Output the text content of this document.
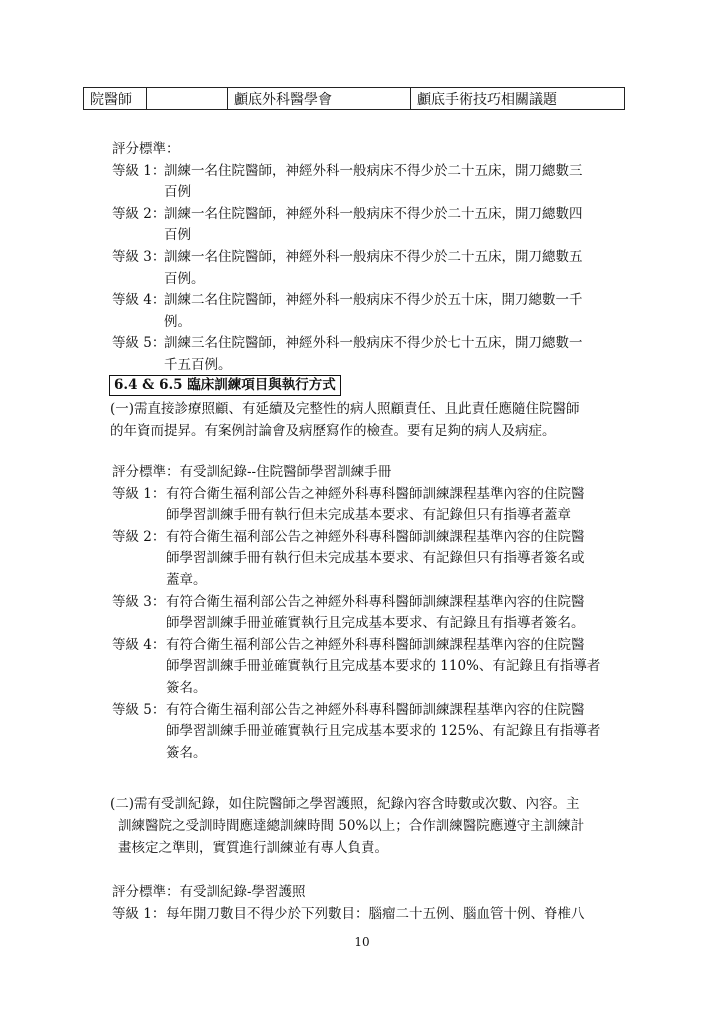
院醫師		顱底外科醫學會	顱底手術技巧相關議題
評分標準：
等級 1：
訓練一名住院醫師，神經外科一般病床不得少於二十五床，開刀總數三
百例
等級 2：
訓練一名住院醫師，神經外科一般病床不得少於二十五床，開刀總數四
百例
等級 3：
訓練一名住院醫師，神經外科一般病床不得少於二十五床，開刀總數五
百例。
等級 4：
訓練二名住院醫師，神經外科一般病床不得少於五十床，開刀總數一千
例。
等級 5：
訓練三名住院醫師，神經外科一般病床不得少於七十五床，開刀總數一
千五百例。
6.4 & 6.5 臨床訓練項目與執行方式
(一)需直接診療照顧、有延續及完整性的病人照顧責任、且此責任應隨住院醫師
的年資而提昇。有案例討論會及病歷寫作的檢查。要有足夠的病人及病症。
評分標準：有受訓紀錄--住院醫師學習訓練手冊
等級 1： 有符合衛生福利部公告之神經外科專科醫師訓練課程基準內容的住院醫
師學習訓練手冊有執行但未完成基本要求、有記錄但只有指導者蓋章
等級 2： 有符合衛生福利部公告之神經外科專科醫師訓練課程基準內容的住院醫
師學習訓練手冊有執行但未完成基本要求、有記錄但只有指導者簽名或
蓋章。
等級 3： 有符合衛生福利部公告之神經外科專科醫師訓練課程基準內容的住院醫
師學習訓練手冊並確實執行且完成基本要求、有記錄且有指導者簽名。
等級 4： 有符合衛生福利部公告之神經外科專科醫師訓練課程基準內容的住院醫
師學習訓練手冊並確實執行且完成基本要求的 110%、有記錄且有指導者
簽名。
等級 5： 有符合衛生福利部公告之神經外科專科醫師訓練課程基準內容的住院醫
師學習訓練手冊並確實執行且完成基本要求的 125%、有記錄且有指導者
簽名。
(二)需有受訓紀錄，如住院醫師之學習護照，紀錄內容含時數或次數、內容。主
訓練醫院之受訓時間應達總訓練時間 50%以上；合作訓練醫院應遵守主訓練計
畫核定之準則，實質進行訓練並有專人負責。
評分標準：有受訓紀錄-學習護照
等級 1： 每年開刀數目不得少於下列數目：腦瘤二十五例、腦血管十例、脊椎八
10
